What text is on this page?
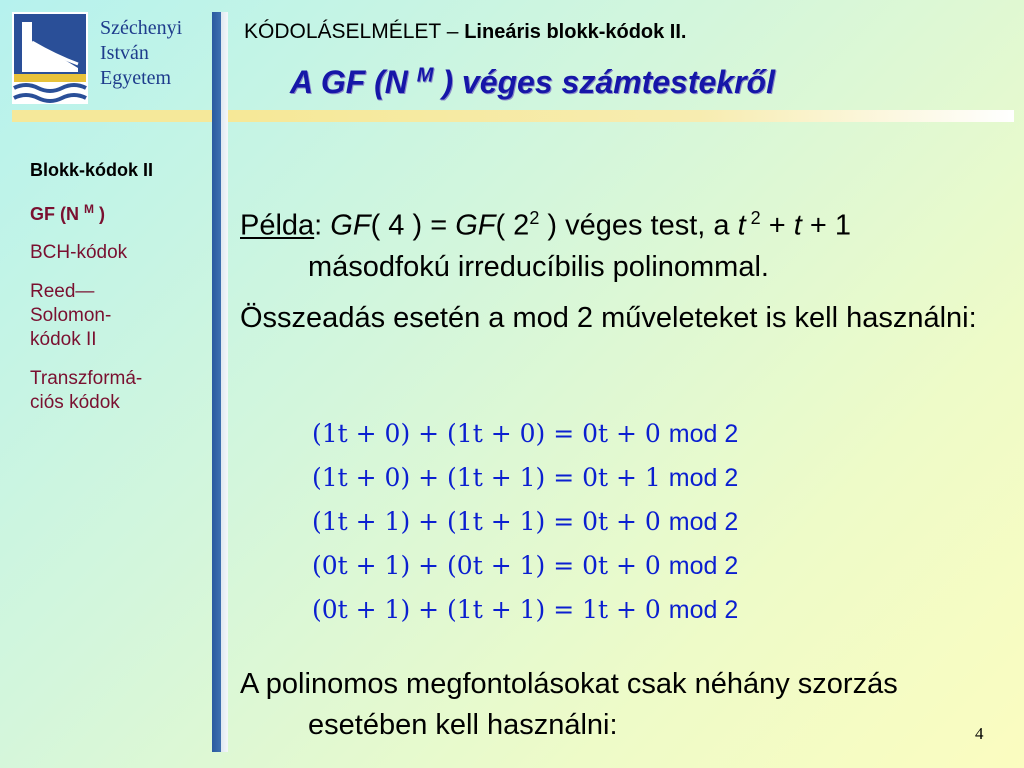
Széchenyi
István
Egyetem
KÓDOLÁSELMÉLET – Lineáris blokk-kódok II.
A GF (N $^M$ ) véges számtestekről
Blokk-kódok II
GF (N $^M$ )
BCH-kódok
Reed—
Solomon-
kódok II
Transzformá-
ciós kódok
Példa: GF( 4 ) = GF( $2^2$ ) véges test, a t $^2$ + t + 1 másodfokú irreducíbilis polinommal.
Összeadás esetén a mod 2 műveleteket is kell használni:
(1t + 0) + (1t + 0) = 0t + 0 mod 2
(1t + 0) + (1t + 1) = 0t + 1 mod 2
(1t + 1) + (1t + 1) = 0t + 0 mod 2
(0t + 1) + (0t + 1) = 0t + 0 mod 2
(0t + 1) + (1t + 1) = 1t + 0 mod 2
A polinomos megfontolásokat csak néhány szorzás esetében kell használni:	4
